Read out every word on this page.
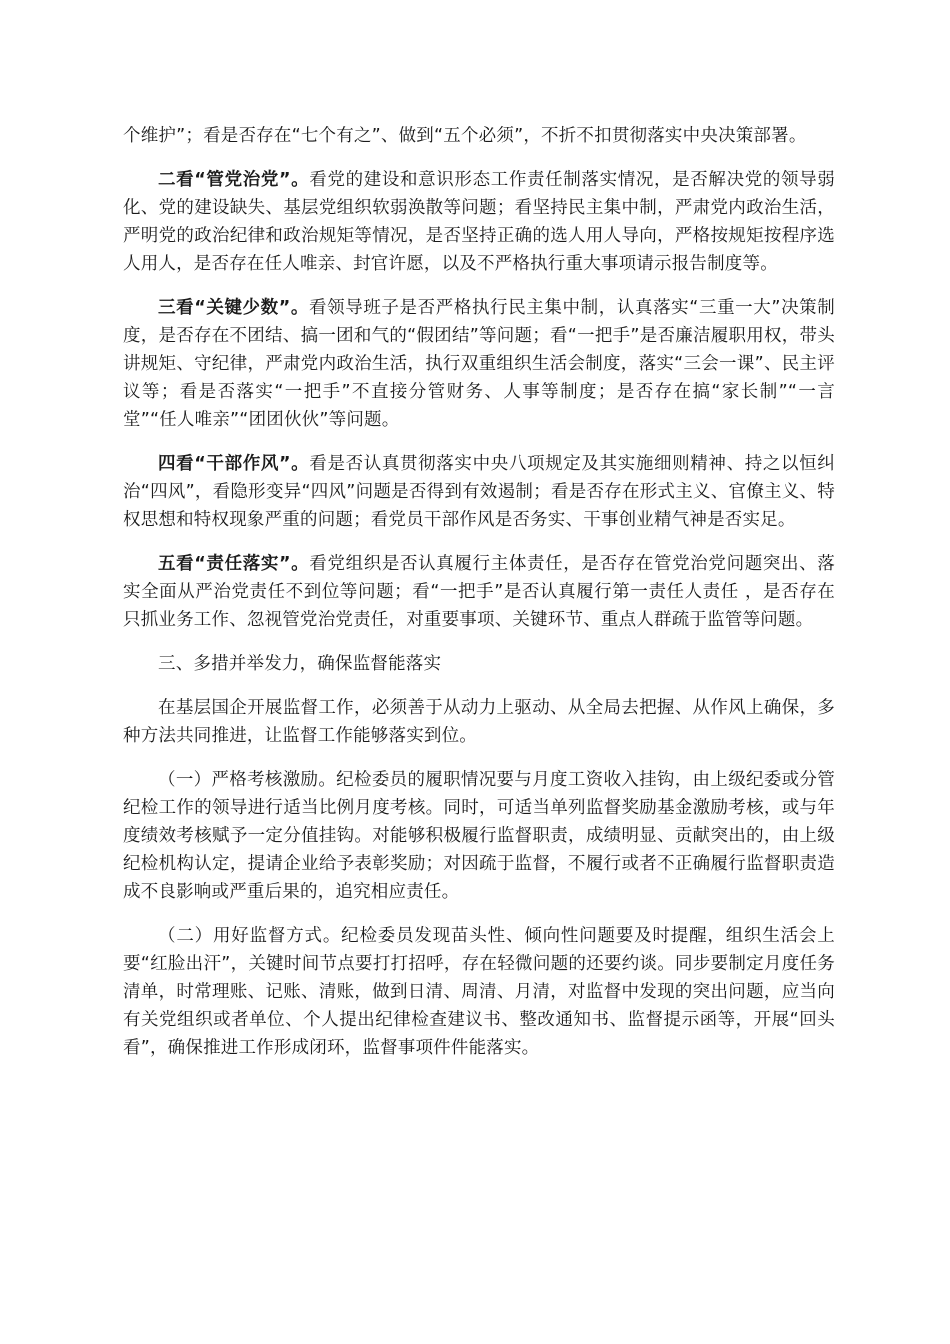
个维护”；看是否存在“七个有之”、做到“五个必须”，不折不扣贯彻落实中央决策部署。

二看“管党治党”。看党的建设和意识形态工作责任制落实情况，是否解决党的领导弱化、党的建设缺失、基层党组织软弱涣散等问题；看坚持民主集中制，严肃党内政治生活，严明党的政治纪律和政治规矩等情况，是否坚持正确的选人用人导向，严格按规矩按程序选人用人，是否存在任人唯亲、封官许愿，以及不严格执行重大事项请示报告制度等。

三看“关键少数”。看领导班子是否严格执行民主集中制，认真落实“三重一大”决策制度，是否存在不团结、搞一团和气的“假团结”等问题；看“一把手”是否廉洁履职用权，带头讲规矩、守纪律，严肃党内政治生活，执行双重组织生活会制度，落实“三会一课”、民主评议等；看是否落实“一把手”不直接分管财务、人事等制度；是否存在搞“家长制”“一言堂”“任人唯亲”“团团伙伙”等问题。

四看“干部作风”。看是否认真贯彻落实中央八项规定及其实施细则精神、持之以恒纠治“四风”，看隐形变异“四风”问题是否得到有效遏制；看是否存在形式主义、官僚主义、特权思想和特权现象严重的问题；看党员干部作风是否务实、干事创业精气神是否实足。

五看“责任落实”。看党组织是否认真履行主体责任，是否存在管党治党问题突出、落实全面从严治党责任不到位等问题；看“一把手”是否认真履行第一责任人责任 ，是否存在只抓业务工作、忽视管党治党责任，对重要事项、关键环节、重点人群疏于监管等问题。

三、多措并举发力，确保监督能落实

在基层国企开展监督工作，必须善于从动力上驱动、从全局去把握、从作风上确保，多种方法共同推进，让监督工作能够落实到位。

（一）严格考核激励。纪检委员的履职情况要与月度工资收入挂钩，由上级纪委或分管纪检工作的领导进行适当比例月度考核。同时，可适当单列监督奖励基金激励考核，或与年度绩效考核赋予一定分值挂钩。对能够积极履行监督职责，成绩明显、贡献突出的，由上级纪检机构认定，提请企业给予表彰奖励；对因疏于监督，不履行或者不正确履行监督职责造成不良影响或严重后果的，追究相应责任。

（二）用好监督方式。纪检委员发现苗头性、倾向性问题要及时提醒，组织生活会上要“红脸出汗”，关键时间节点要打打招呼，存在轻微问题的还要约谈。同步要制定月度任务清单，时常理账、记账、清账，做到日清、周清、月清，对监督中发现的突出问题，应当向有关党组织或者单位、个人提出纪律检查建议书、整改通知书、监督提示函等，开展“回头看”，确保推进工作形成闭环，监督事项件件能落实。
